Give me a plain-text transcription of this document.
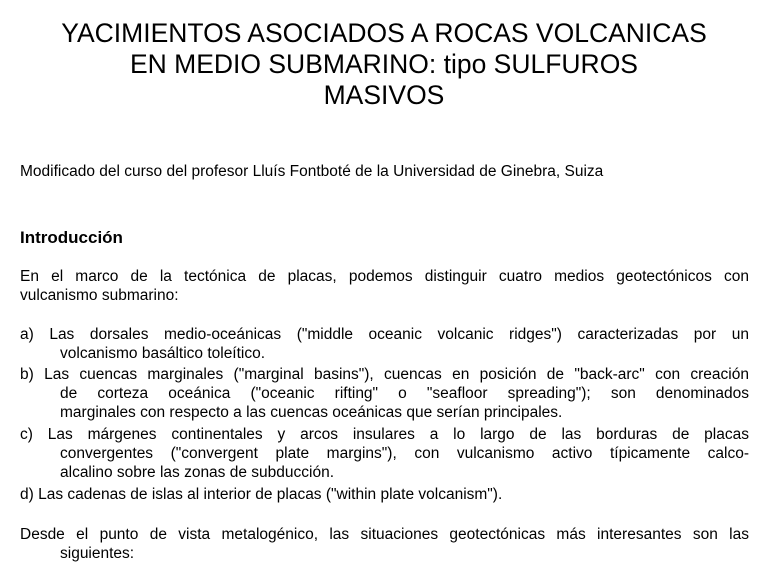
YACIMIENTOS ASOCIADOS A ROCAS VOLCANICAS
EN MEDIO SUBMARINO: tipo SULFUROS
MASIVOS

Modificado del curso del profesor Lluís Fontboté de la Universidad de Ginebra, Suiza

Introducción
En el marco de la tectónica de placas, podemos distinguir cuatro medios geotectónicos con
vulcanismo submarino:
a) Las dorsales medio-oceánicas ("middle oceanic volcanic ridges") caracterizadas por un
volcanismo basáltico toleítico.
b) Las cuencas marginales ("marginal basins"), cuencas en posición de "back-arc" con creación
de corteza oceánica ("oceanic rifting" o "seafloor spreading"); son denominados
marginales con respecto a las cuencas oceánicas que serían principales.
c) Las márgenes continentales y arcos insulares a lo largo de las borduras de placas
convergentes ("convergent plate margins"), con vulcanismo activo típicamente calco-
alcalino sobre las zonas de subducción.
d) Las cadenas de islas al interior de placas ("within plate volcanism").
Desde el punto de vista metalogénico, las situaciones geotectónicas más interesantes son las
siguientes:
